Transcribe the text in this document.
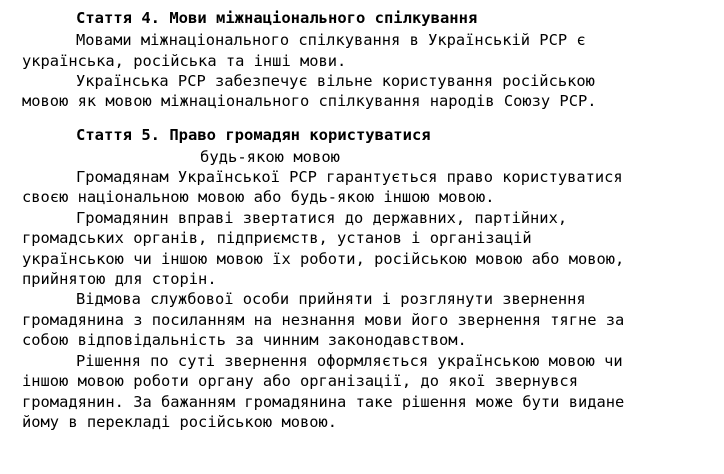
Стаття 4. Мови міжнаціонального спілкування

Мовами міжнаціонального спілкування в Українській РСР є

українська, російська та інші мови.

Українська РСР забезпечує вільне користування російською

мовою як мовою міжнаціонального спілкування народів Союзу РСР.

Стаття 5. Право громадян користуватися
будь-якою мовою

Громадянам Української РСР гарантується право користуватися

своєю національною мовою або будь-якою іншою мовою.

Громадянин вправі звертатися до державних, партійних,

громадських органів, підприємств, установ і організацій

українською чи іншою мовою їх роботи, російською мовою або мовою,

прийнятою для сторін.

Відмова службової особи прийняти і розглянути звернення

громадянина з посиланням на незнання мови його звернення тягне за

собою відповідальність за чинним законодавством.

Рішення по суті звернення оформляється українською мовою чи

іншою мовою роботи органу або організації, до якої звернувся

громадянин. За бажанням громадянина таке рішення може бути видане

йому в перекладі російською мовою.
